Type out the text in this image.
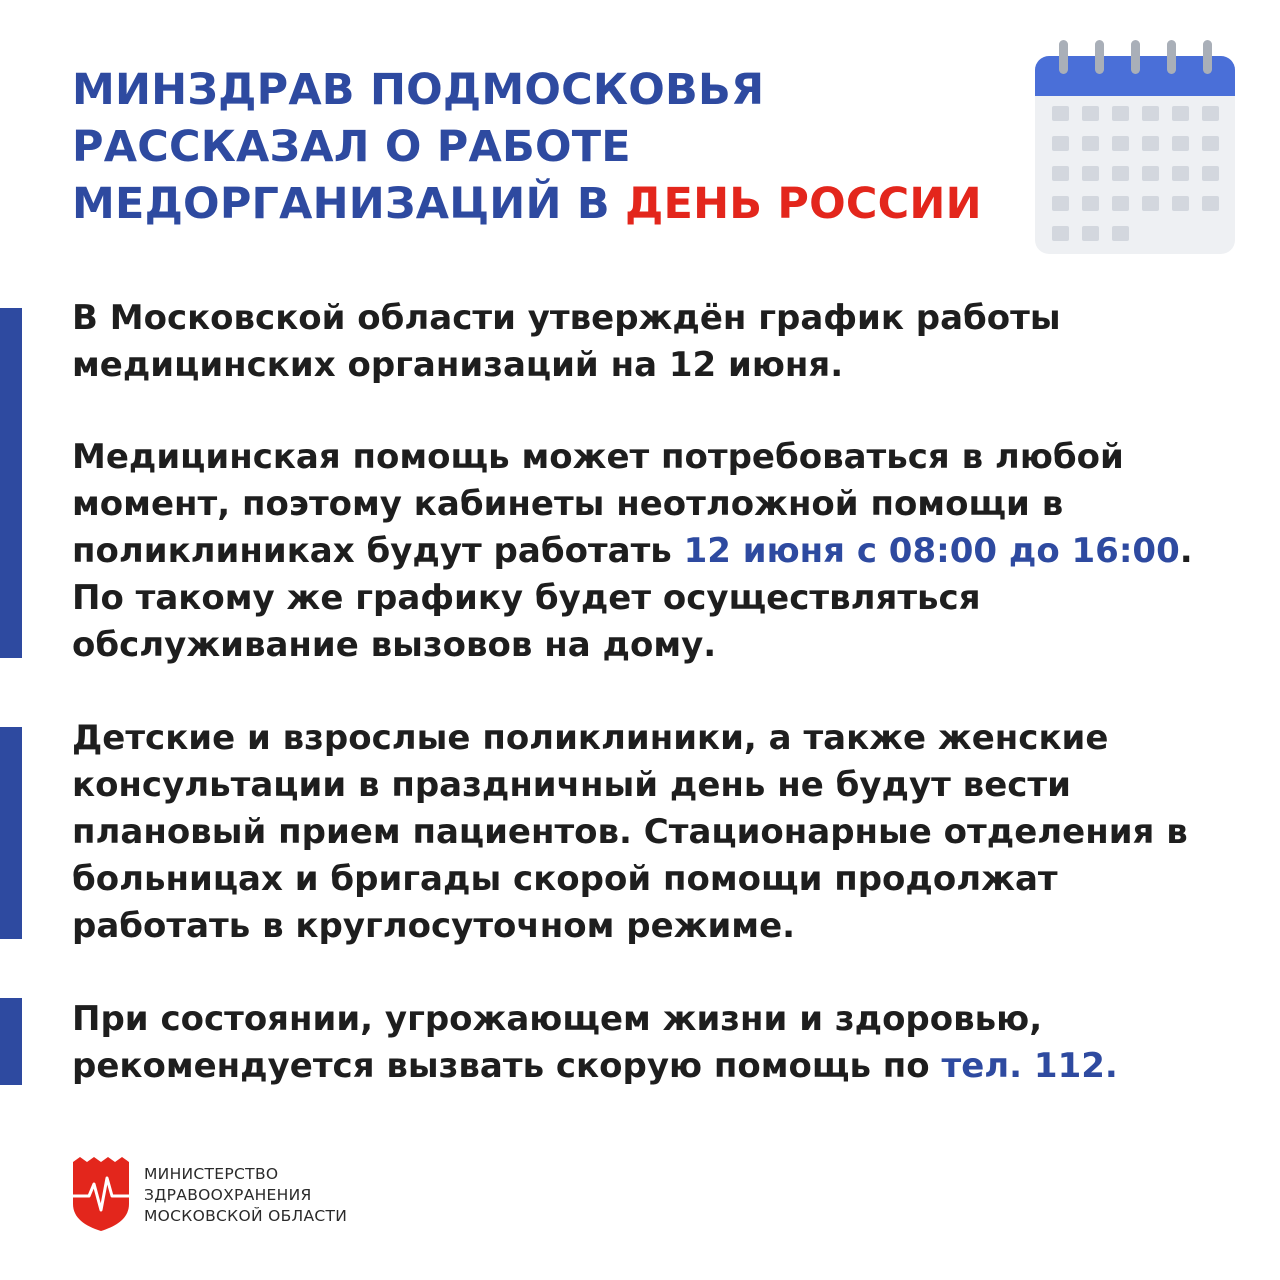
МИНЗДРАВ ПОДМОСКОВЬЯ
РАССКАЗАЛ О РАБОТЕ
МЕДОРГАНИЗАЦИЙ В ДЕНЬ РОССИИ

В Московской области утверждён график работы медицинских организаций на 12 июня.

Медицинская помощь может потребоваться в любой момент, поэтому кабинеты неотложной помощи в поликлиниках будут работать 12 июня с 08:00 до 16:00. По такому же графику будет осуществляться обслуживание вызовов на дому.

Детские и взрослые поликлиники, а также женские консультации в праздничный день не будут вести плановый прием пациентов. Стационарные отделения в больницах и бригады скорой помощи продолжат работать в круглосуточном режиме.

При состоянии, угрожающем жизни и здоровью, рекомендуется вызвать скорую помощь по тел. 112.

МИНИСТЕРСТВО
ЗДРАВООХРАНЕНИЯ
МОСКОВСКОЙ ОБЛАСТИ
